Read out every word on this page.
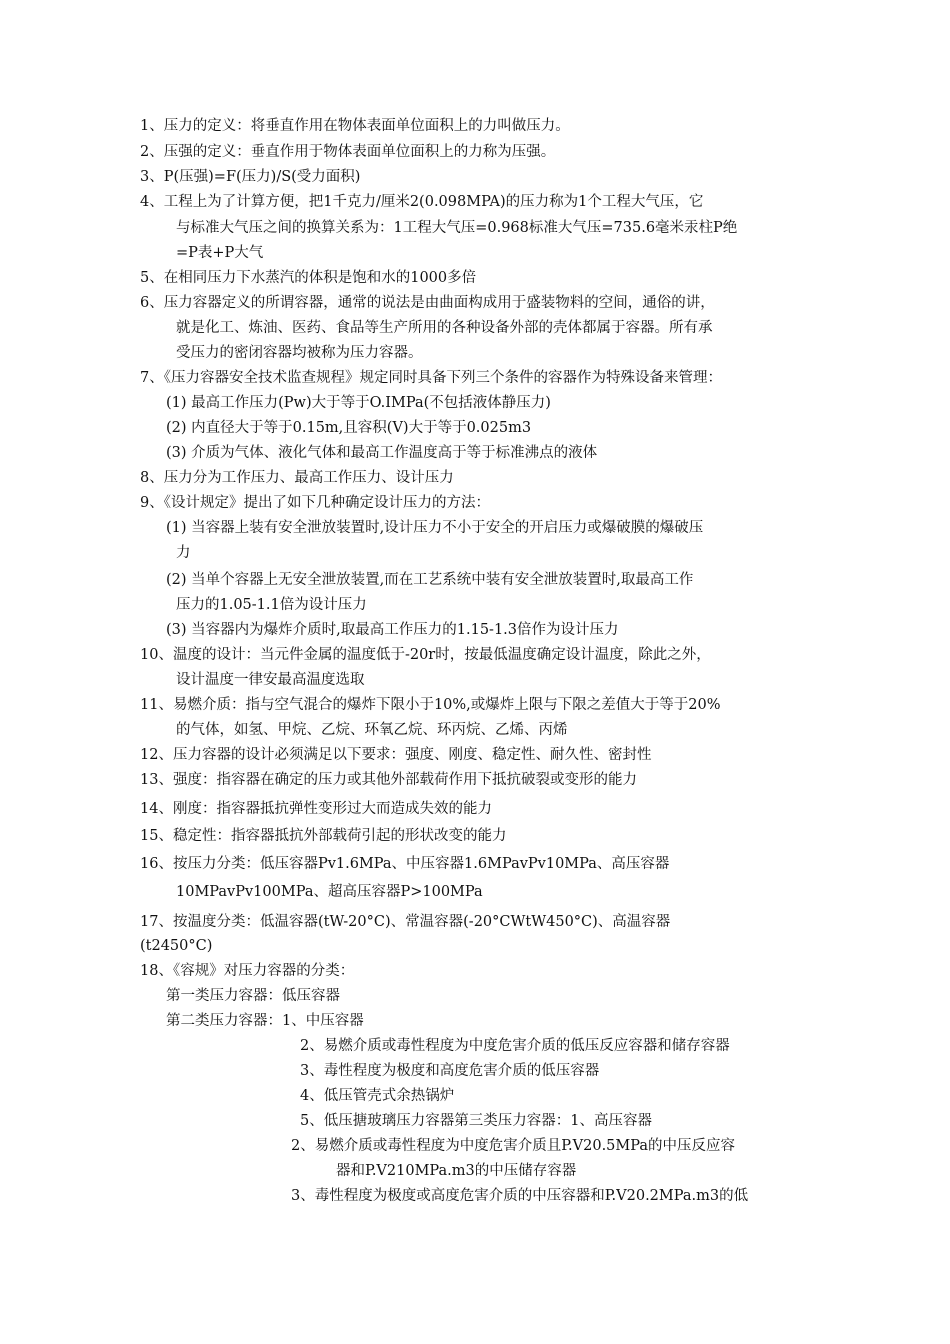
1、压力的定义：将垂直作用在物体表面单位面积上的力叫做压力。
2、压强的定义：垂直作用于物体表面单位面积上的力称为压强。
3、P(压强)=F(压力)/S(受力面积)
4、工程上为了计算方便，把1千克力/厘米2(0.098MPA)的压力称为1个工程大气压，它
与标准大气压之间的换算关系为：1工程大气压=0.968标准大气压=735.6毫米汞柱P绝
=P表+P大气
5、在相同压力下水蒸汽的体积是饱和水的1000多倍
6、压力容器定义的所谓容器，通常的说法是由曲面构成用于盛装物料的空间，通俗的讲，
就是化工、炼油、医药、食品等生产所用的各种设备外部的壳体都属于容器。所有承
受压力的密闭容器均被称为压力容器。
7、《压力容器安全技术监查规程》规定同时具备下列三个条件的容器作为特殊设备来管理：
(1) 最高工作压力(Pw)大于等于O.IMPa(不包括液体静压力)
(2) 内直径大于等于0.15m,且容积(V)大于等于0.025m3
(3) 介质为气体、液化气体和最高工作温度高于等于标准沸点的液体
8、压力分为工作压力、最高工作压力、设计压力
9、《设计规定》提出了如下几种确定设计压力的方法：
(1) 当容器上装有安全泄放装置时,设计压力不小于安全的开启压力或爆破膜的爆破压
力
(2) 当单个容器上无安全泄放装置,而在工艺系统中装有安全泄放装置时,取最高工作
压力的1.05-1.1倍为设计压力
(3) 当容器内为爆炸介质时,取最高工作压力的1.15-1.3倍作为设计压力
10、温度的设计：当元件金属的温度低于-20r时，按最低温度确定设计温度，除此之外，
设计温度一律安最高温度选取
11、易燃介质：指与空气混合的爆炸下限小于10%,或爆炸上限与下限之差值大于等于20%
的气体，如氢、甲烷、乙烷、环氧乙烷、环丙烷、乙烯、丙烯
12、压力容器的设计必须满足以下要求：强度、刚度、稳定性、耐久性、密封性
13、强度：指容器在确定的压力或其他外部载荷作用下抵抗破裂或变形的能力
14、刚度：指容器抵抗弹性变形过大而造成失效的能力
15、稳定性：指容器抵抗外部载荷引起的形状改变的能力
16、按压力分类：低压容器Pv1.6MPa、中压容器1.6MPavPv10MPa、高压容器
10MPavPv100MPa、超高压容器P>100MPa
17、按温度分类：低温容器(tW-20°C)、常温容器(-20°CWtW450°C)、高温容器
(t2450°C)
18、《容规》对压力容器的分类：
第一类压力容器：低压容器
第二类压力容器：1、中压容器
2、易燃介质或毒性程度为中度危害介质的低压反应容器和储存容器
3、毒性程度为极度和高度危害介质的低压容器
4、低压管壳式余热锅炉
5、低压搪玻璃压力容器第三类压力容器：1、高压容器
2、易燃介质或毒性程度为中度危害介质且P.V20.5MPa的中压反应容
器和P.V210MPa.m3的中压储存容器
3、毒性程度为极度或高度危害介质的中压容器和P.V20.2MPa.m3的低
